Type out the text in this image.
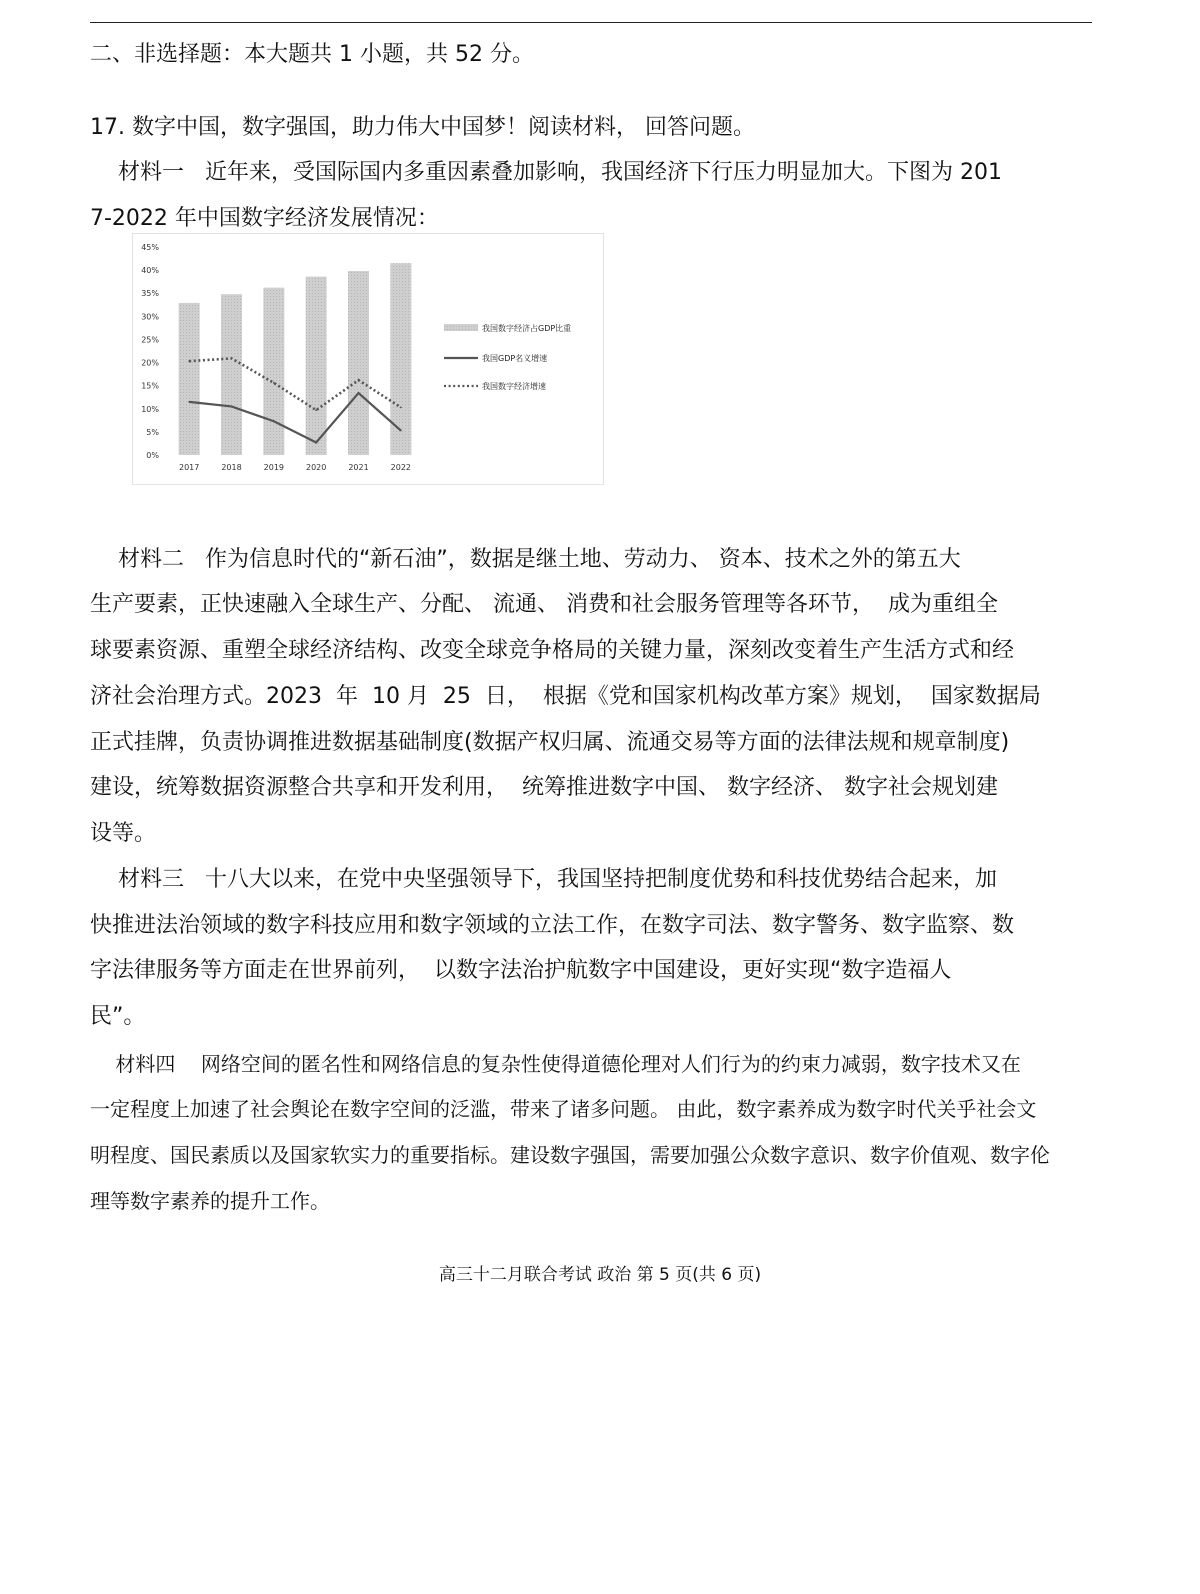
二、非选择题：本大题共 1 小题，共 52 分。
17. 数字中国，数字强国，助力伟大中国梦！阅读材料， 回答问题。
材料一   近年来，受国际国内多重因素叠加影响，我国经济下行压力明显加大。下图为 201
7-2022 年中国数字经济发展情况：
0%
5%
10%
15%
20%
25%
30%
35%
40%
45%
2017	2018	2019	2020	2021	2022
我国数字经济占GDP比重
我国GDP名义增速
我国数字经济增速
材料二   作为信息时代的“新石油”，数据是继土地、劳动力、 资本、技术之外的第五大
生产要素，正快速融入全球生产、分配、 流通、 消费和社会服务管理等各环节，  成为重组全
球要素资源、重塑全球经济结构、改变全球竞争格局的关键力量，深刻改变着生产生活方式和经
济社会治理方式。2023  年  10 月  25  日，  根据《党和国家机构改革方案》规划，  国家数据局
正式挂牌，负责协调推进数据基础制度(数据产权归属、流通交易等方面的法律法规和规章制度)
建设，统筹数据资源整合共享和开发利用，  统筹推进数字中国、 数字经济、 数字社会规划建
设等。
材料三   十八大以来，在党中央坚强领导下，我国坚持把制度优势和科技优势结合起来，加
快推进法治领域的数字科技应用和数字领域的立法工作，在数字司法、数字警务、数字监察、数
字法律服务等方面走在世界前列，  以数字法治护航数字中国建设，更好实现“数字造福人
民”。
材料四    网络空间的匿名性和网络信息的复杂性使得道德伦理对人们行为的约束力减弱，数字技术又在
一定程度上加速了社会舆论在数字空间的泛滥，带来了诸多问题。 由此，数字素养成为数字时代关乎社会文
明程度、国民素质以及国家软实力的重要指标。建设数字强国，需要加强公众数字意识、数字价值观、数字伦
理等数字素养的提升工作。
高三十二月联合考试 政治 第 5 页(共 6 页)
